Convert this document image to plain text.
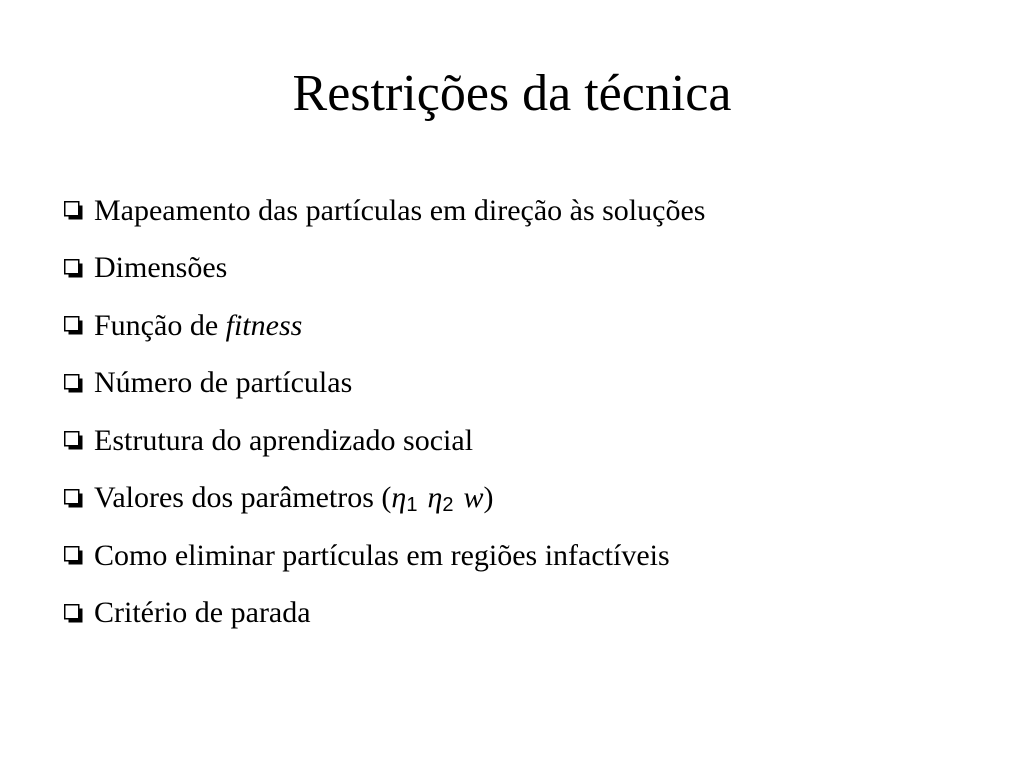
Restrições da técnica
Mapeamento das partículas em direção às soluções
Dimensões
Função de fitness
Número de partículas
Estrutura do aprendizado social
Valores dos parâmetros ( η 1 η 2 w )
Como eliminar partículas em regiões infactíveis
Critério de parada
